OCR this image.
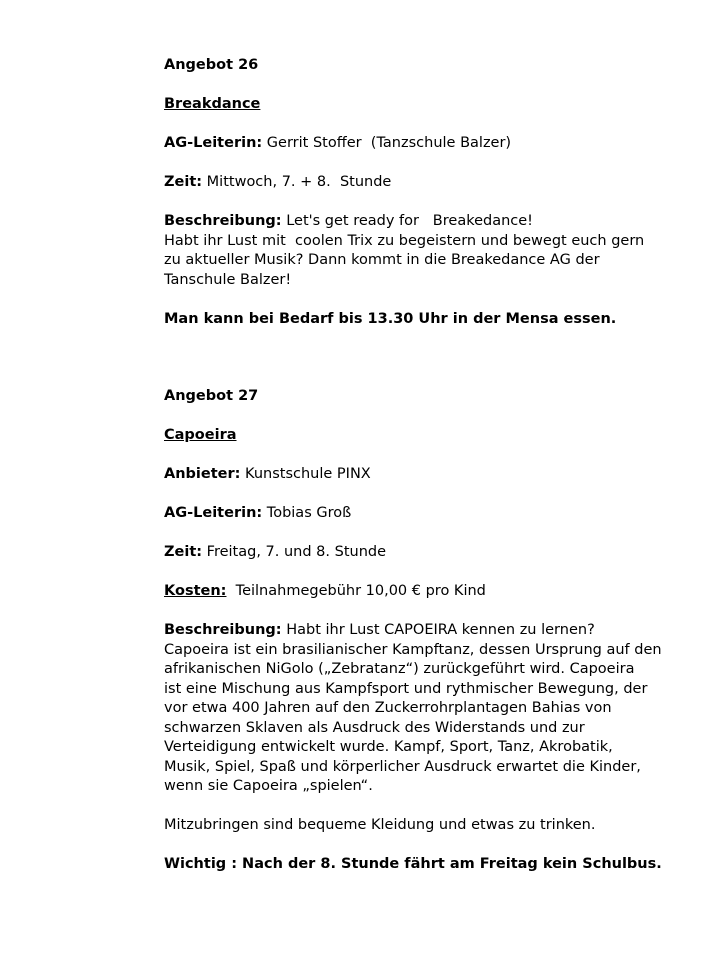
Angebot 26
Breakdance
AG-Leiterin: Gerrit Stoffer  (Tanzschule Balzer)
Zeit: Mittwoch, 7. + 8.  Stunde
Beschreibung: Let's get ready for   Breakedance!
Habt ihr Lust mit  coolen Trix zu begeistern und bewegt euch gern
zu aktueller Musik? Dann kommt in die Breakedance AG der
Tanschule Balzer!
Man kann bei Bedarf bis 13.30 Uhr in der Mensa essen.
Angebot 27
Capoeira
Anbieter: Kunstschule PINX
AG-Leiterin: Tobias Groß
Zeit: Freitag, 7. und 8. Stunde
Kosten:  Teilnahmegebühr 10,00 € pro Kind
Beschreibung: Habt ihr Lust CAPOEIRA kennen zu lernen?
Capoeira ist ein brasilianischer Kampftanz, dessen Ursprung auf den
afrikanischen NiGolo („Zebratanz“) zurückgeführt wird. Capoeira
ist eine Mischung aus Kampfsport und rythmischer Bewegung, der
vor etwa 400 Jahren auf den Zuckerrohrplantagen Bahias von
schwarzen Sklaven als Ausdruck des Widerstands und zur
Verteidigung entwickelt wurde. Kampf, Sport, Tanz, Akrobatik,
Musik, Spiel, Spaß und körperlicher Ausdruck erwartet die Kinder,
wenn sie Capoeira „spielen“.
Mitzubringen sind bequeme Kleidung und etwas zu trinken.
Wichtig : Nach der 8. Stunde fährt am Freitag kein Schulbus.
